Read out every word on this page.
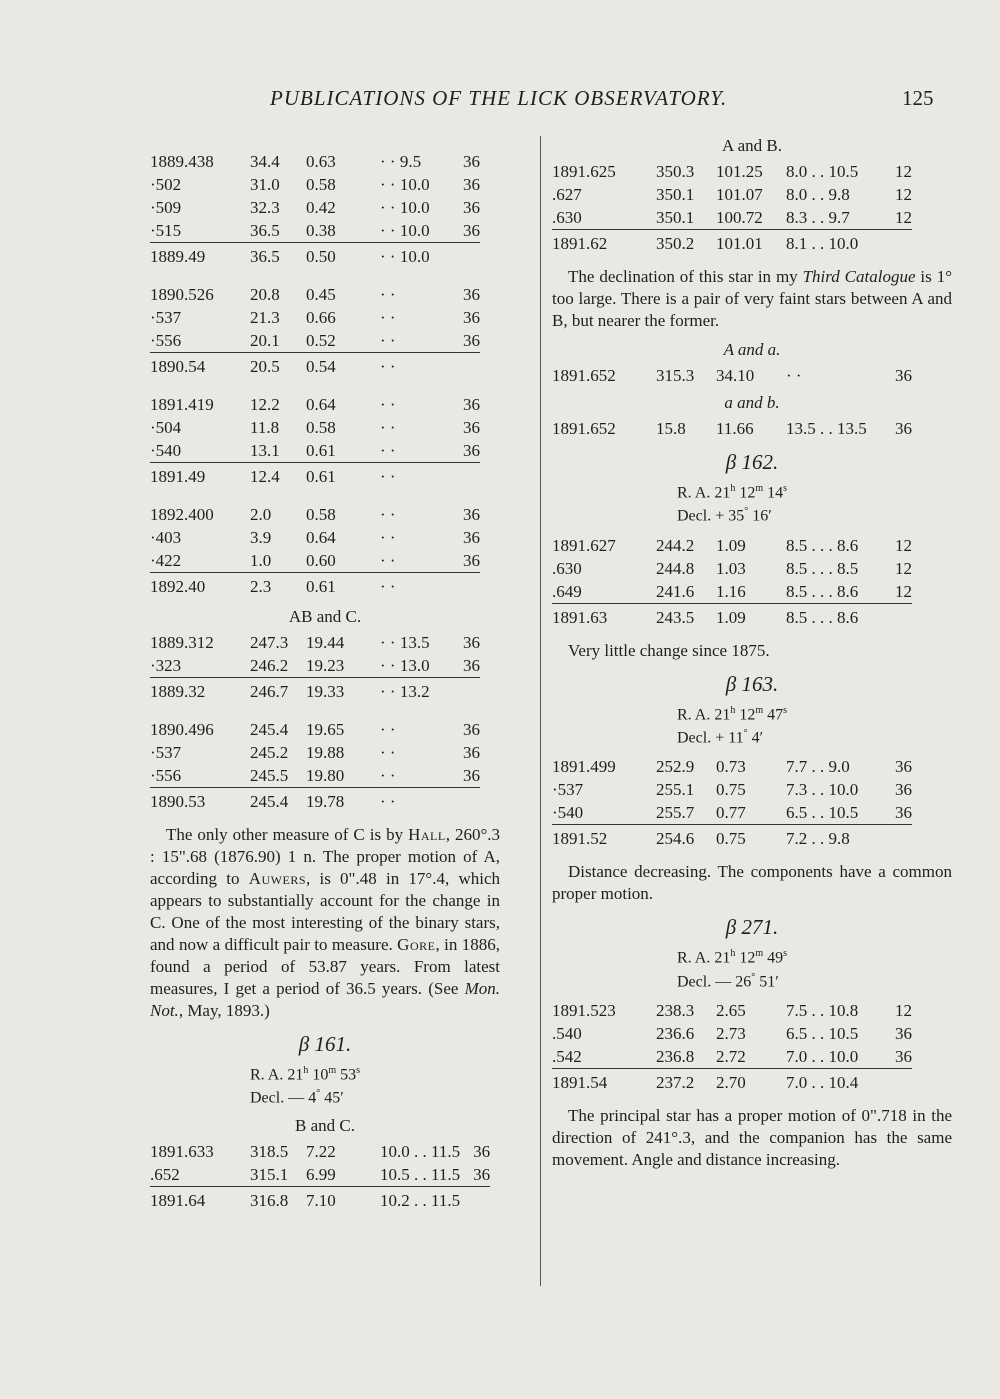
PUBLICATIONS OF THE LICK OBSERVATORY.	125
1889.438	34.4	0.63	· · 9.5	36
·502	31.0	0.58	· · 10.0	36
·509	32.3	0.42	· · 10.0	36
·515	36.5	0.38	· · 10.0	36
1889.49	36.5	0.50	· · 10.0	

1890.526	20.8	0.45	· ·	36
·537	21.3	0.66	· ·	36
·556	20.1	0.52	· ·	36
1890.54	20.5	0.54	· ·	

1891.419	12.2	0.64	· ·	36
·504	11.8	0.58	· ·	36
·540	13.1	0.61	· ·	36
1891.49	12.4	0.61	· ·	

1892.400	2.0	0.58	· ·	36
·403	3.9	0.64	· ·	36
·422	1.0	0.60	· ·	36
1892.40	2.3	0.61	· ·	
AB and C.
1889.312	247.3	19.44	· · 13.5	36
·323	246.2	19.23	· · 13.0	36
1889.32	246.7	19.33	· · 13.2	

1890.496	245.4	19.65	· ·	36
·537	245.2	19.88	· ·	36
·556	245.5	19.80	· ·	36
1890.53	245.4	19.78	· ·	

The only other measure of C is by Hall, 260°.3 : 15".68 (1876.90) 1 n. The proper motion of A, according to Auwers, is 0".48 in 17°.4, which appears to substantially account for the change in C. One of the most interesting of the binary stars, and now a difficult pair to measure. Gore, in 1886, found a period of 53.87 years. From latest measures, I get a period of 36.5 years. (See Mon. Not., May, 1893.)

β 161.
R. A. 21$^h$ 10$^m$ 53$^s$
Decl. — 4° 45′
B and C.
1891.633	318.5	7.22	10.0 . . 11.5	36
.652	315.1	6.99	10.5 . . 11.5	36
1891.64	316.8	7.10	10.2 . . 11.5	
A and B.
1891.625	350.3	101.25	8.0 . . 10.5	12
.627	350.1	101.07	8.0 . . 9.8	12
.630	350.1	100.72	8.3 . . 9.7	12
1891.62	350.2	101.01	8.1 . . 10.0	

The declination of this star in my Third Catalogue is 1° too large. There is a pair of very faint stars between A and B, but nearer the former.

A and a.
1891.652	315.3	34.10	· ·	36
a and b.
1891.652	15.8	11.66	13.5 . . 13.5	36
β 162.
R. A. 21$^h$ 12$^m$ 14$^s$
Decl. + 35° 16′
1891.627	244.2	1.09	8.5 . . . 8.6	12
.630	244.8	1.03	8.5 . . . 8.5	12
.649	241.6	1.16	8.5 . . . 8.6	12
1891.63	243.5	1.09	8.5 . . . 8.6	

Very little change since 1875.

β 163.
R. A. 21$^h$ 12$^m$ 47$^s$
Decl. + 11° 4′
1891.499	252.9	0.73	7.7 . . 9.0	36
·537	255.1	0.75	7.3 . . 10.0	36
·540	255.7	0.77	6.5 . . 10.5	36
1891.52	254.6	0.75	7.2 . . 9.8	

Distance decreasing. The components have a common proper motion.

β 271.
R. A. 21$^h$ 12$^m$ 49$^s$
Decl. — 26° 51′
1891.523	238.3	2.65	7.5 . . 10.8	12
.540	236.6	2.73	6.5 . . 10.5	36
.542	236.8	2.72	7.0 . . 10.0	36
1891.54	237.2	2.70	7.0 . . 10.4	

The principal star has a proper motion of 0".718 in the direction of 241°.3, and the companion has the same movement. Angle and distance increasing.
